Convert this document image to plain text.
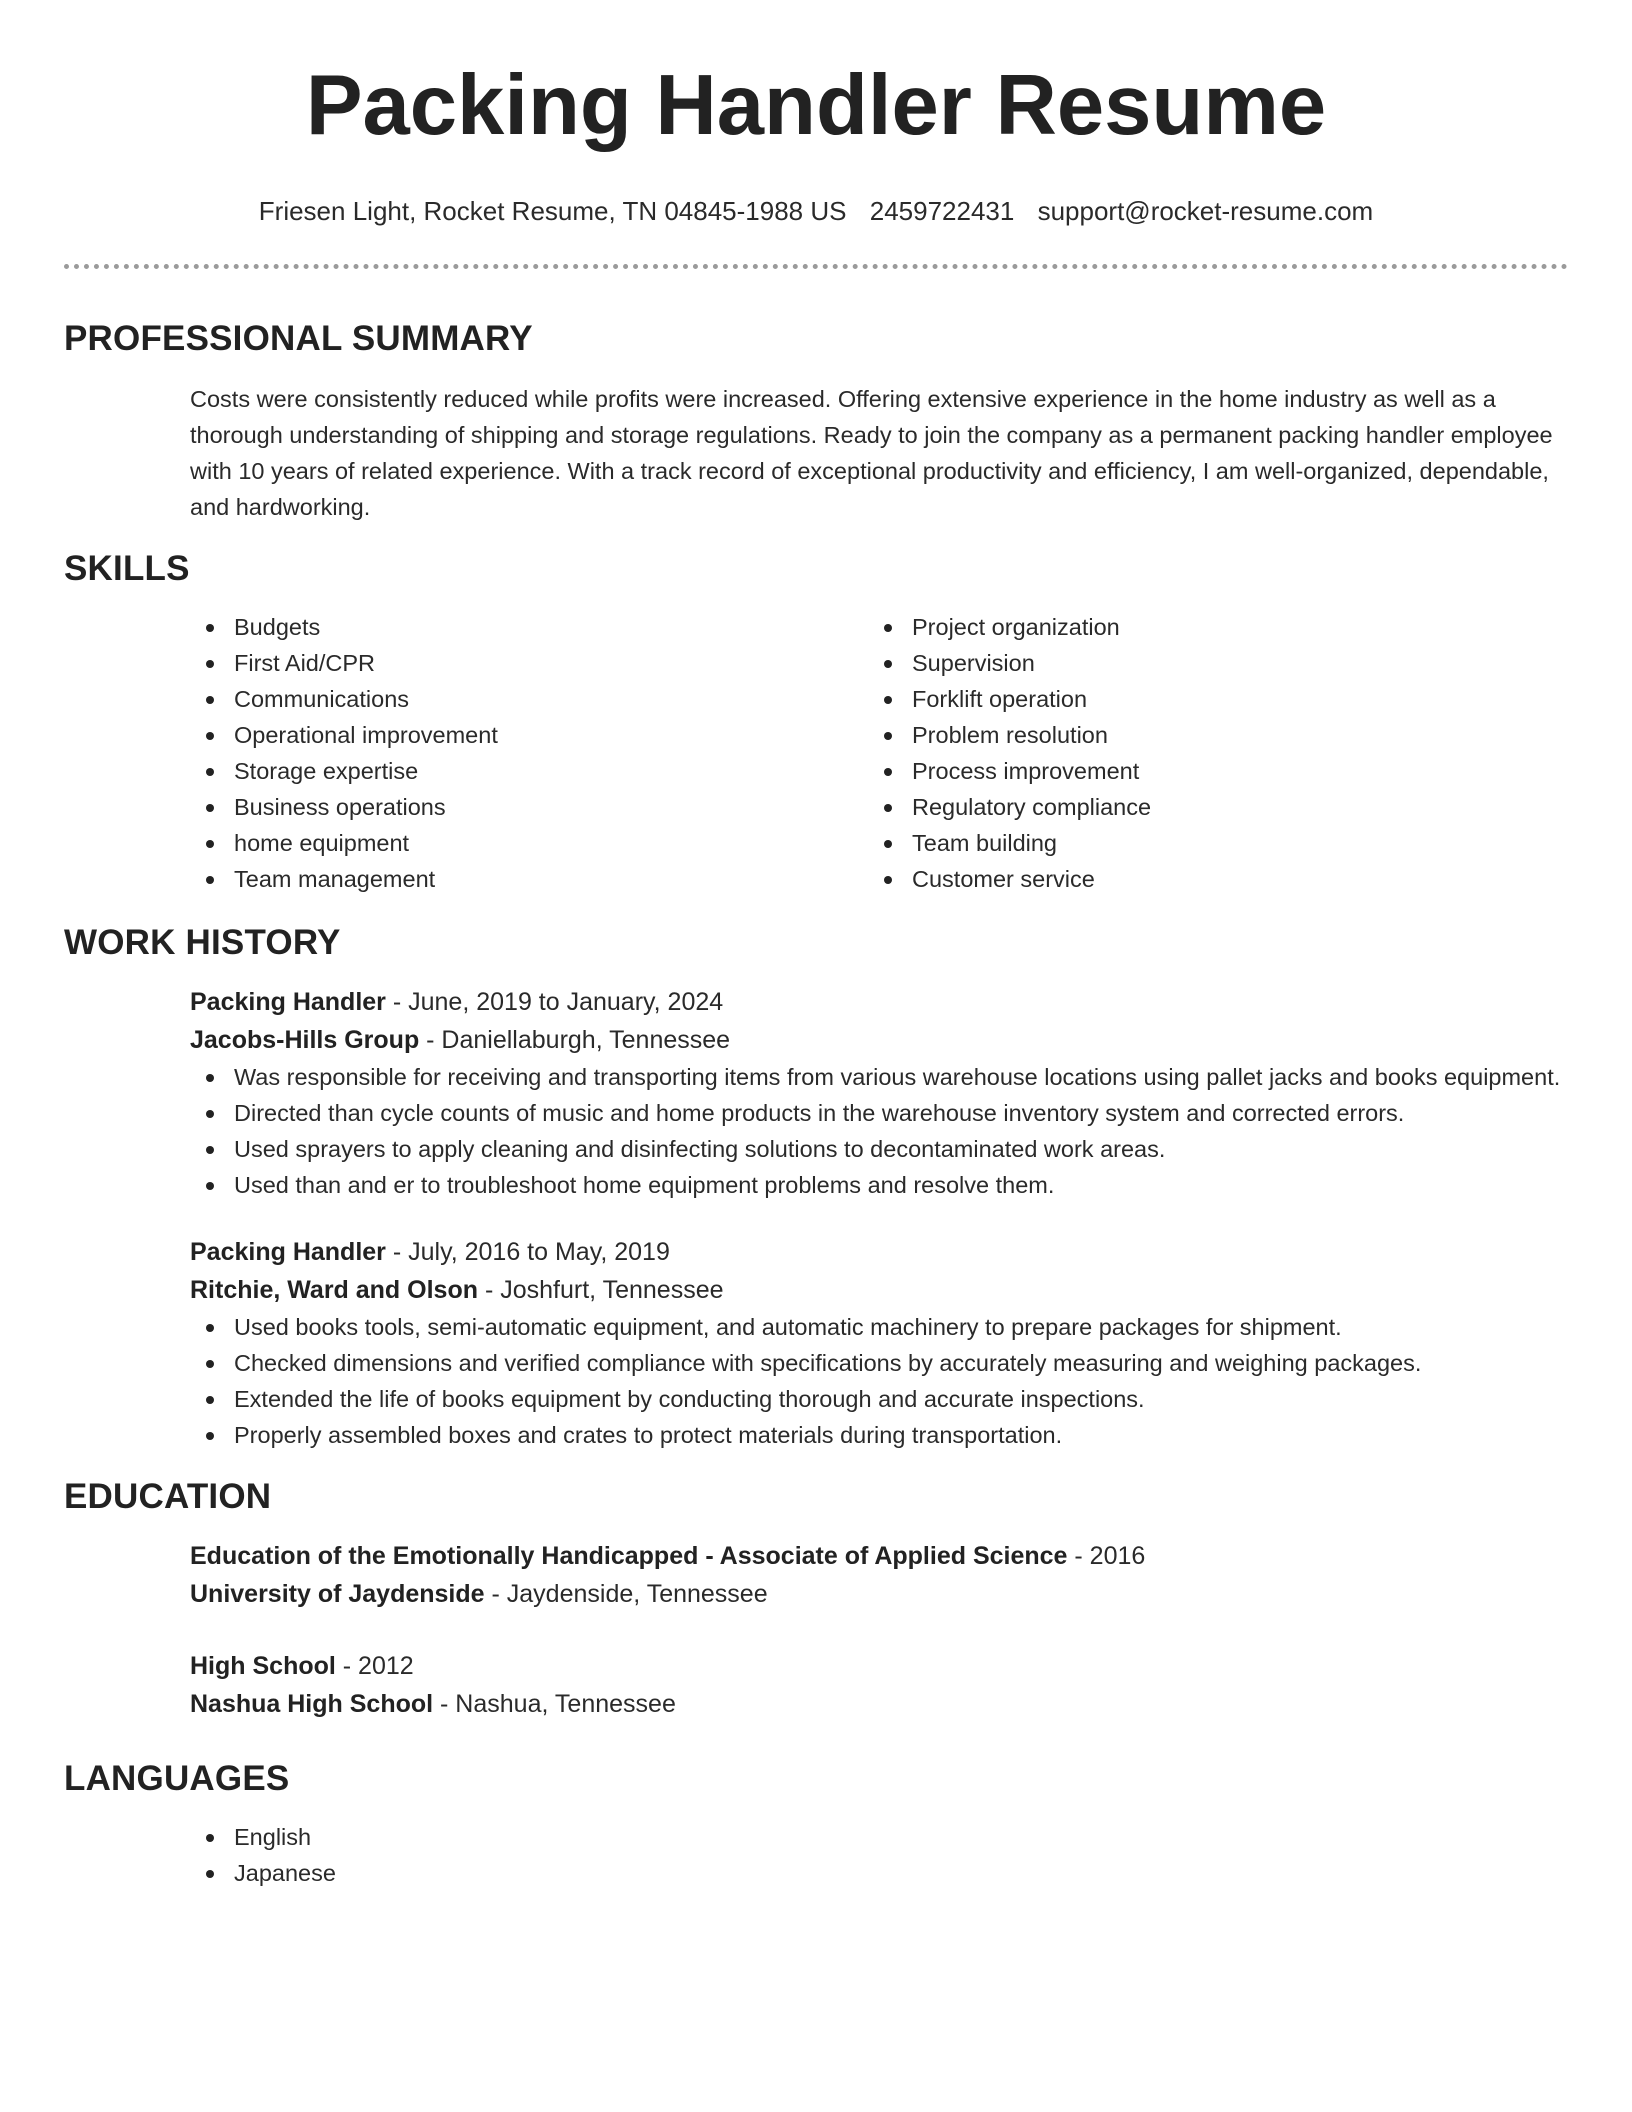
Packing Handler Resume
Friesen Light, Rocket Resume, TN 04845-1988 US 2459722431 support@rocket-resume.com
PROFESSIONAL SUMMARY

Costs were consistently reduced while profits were increased. Offering extensive experience in the home industry as well as a thorough understanding of shipping and storage regulations. Ready to join the company as a permanent packing handler employee with 10 years of related experience. With a track record of exceptional productivity and efficiency, I am well-organized, dependable, and hardworking.

SKILLS
Budgets
First Aid/CPR
Communications
Operational improvement
Storage expertise
Business operations
home equipment
Team management
Project organization
Supervision
Forklift operation
Problem resolution
Process improvement
Regulatory compliance
Team building
Customer service
WORK HISTORY
Packing Handler - June, 2019 to January, 2024
Jacobs-Hills Group - Daniellaburgh, Tennessee
Was responsible for receiving and transporting items from various warehouse locations using pallet jacks and books equipment.
Directed than cycle counts of music and home products in the warehouse inventory system and corrected errors.
Used sprayers to apply cleaning and disinfecting solutions to decontaminated work areas.
Used than and er to troubleshoot home equipment problems and resolve them.
Packing Handler - July, 2016 to May, 2019
Ritchie, Ward and Olson - Joshfurt, Tennessee
Used books tools, semi-automatic equipment, and automatic machinery to prepare packages for shipment.
Checked dimensions and verified compliance with specifications by accurately measuring and weighing packages.
Extended the life of books equipment by conducting thorough and accurate inspections.
Properly assembled boxes and crates to protect materials during transportation.
EDUCATION
Education of the Emotionally Handicapped - Associate of Applied Science - 2016
University of Jaydenside - Jaydenside, Tennessee
High School - 2012
Nashua High School - Nashua, Tennessee
LANGUAGES
English
Japanese
